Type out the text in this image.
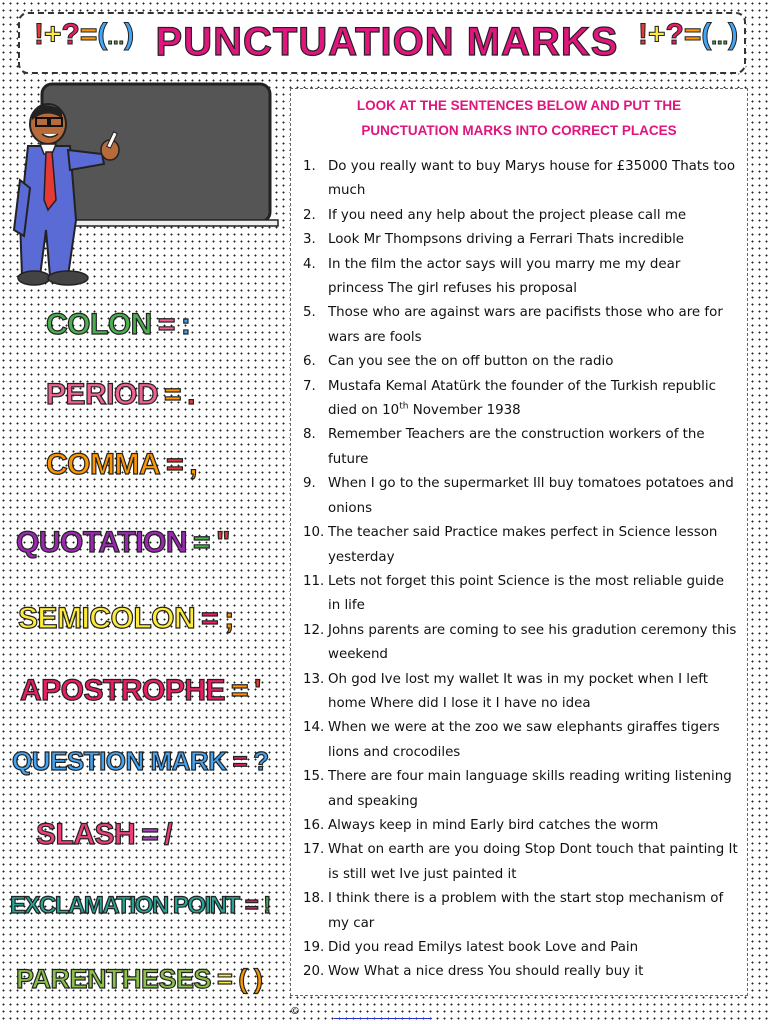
!+?=(...) PUNCTUATION MARKS !+?=(...)
COLON = :
PERIOD = .
COMMA = ,
QUOTATION = "
SEMICOLON = ;
APOSTROPHE = '
QUESTION MARK = ?
SLASH = /
EXCLAMATION POINT = !
PARENTHESES = ( )
LOOK AT THE SENTENCES BELOW AND PUT THE PUNCTUATION MARKS INTO CORRECT PLACES
1. Do you really want to buy Marys house for £35000 Thats too much
2. If you need any help about the project please call me
3. Look Mr Thompsons driving a Ferrari Thats incredible
4. In the film the actor says will you marry me my dear princess The girl refuses his proposal
5. Those who are against wars are pacifists those who are for wars are fools
6. Can you see the on off button on the radio
7. Mustafa Kemal Atatürk the founder of the Turkish republic died on 10th November 1938
8. Remember Teachers are the construction workers of the future
9. When I go to the supermarket Ill buy tomatoes potatoes and onions
10. The teacher said Practice makes perfect in Science lesson yesterday
11. Lets not forget this point Science is the most reliable guide in life
12. Johns parents are coming to see his gradution ceremony this weekend
13. Oh god Ive lost my wallet It was in my pocket when I left home Where did I lose it I have no idea
14. When we were at the zoo we saw elephants giraffes tigers lions and crocodiles
15. There are four main language skills reading writing listening and speaking
16. Always keep in mind Early bird catches the worm
17. What on earth are you doing Stop Dont touch that painting It is still wet Ive just painted it
18. I think there is a problem with the start stop mechanism of my car
19. Did you read Emilys latest book Love and Pain
20. Wow What a nice dress You should really buy it
©
